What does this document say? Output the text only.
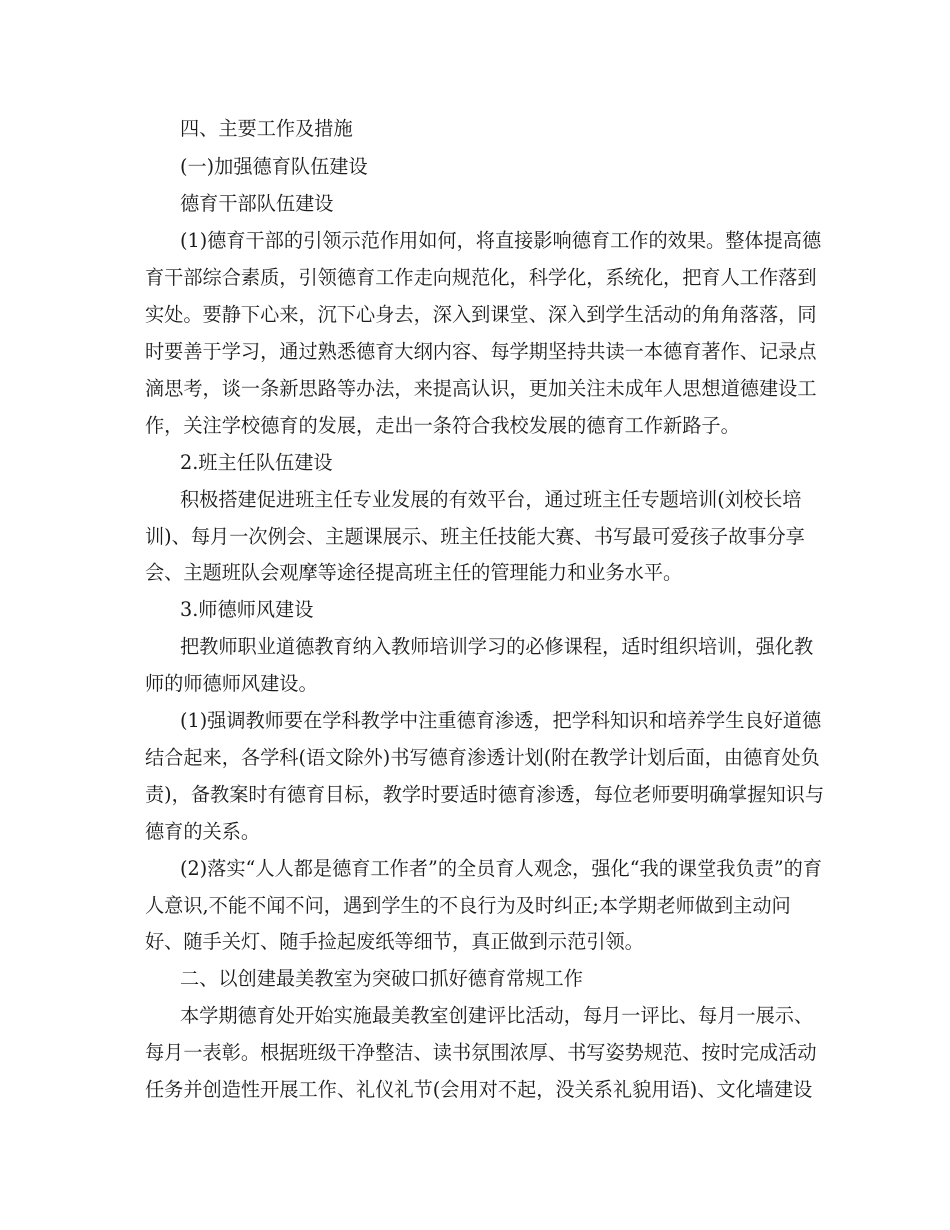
四、主要工作及措施
(一)加强德育队伍建设
德育干部队伍建设
(1)德育干部的引领示范作用如何，将直接影响德育工作的效果。整体提高德
育干部综合素质，引领德育工作走向规范化，科学化，系统化，把育人工作落到
实处。要静下心来，沉下心身去，深入到课堂、深入到学生活动的角角落落，同
时要善于学习，通过熟悉德育大纲内容、每学期坚持共读一本德育著作、记录点
滴思考，谈一条新思路等办法，来提高认识，更加关注未成年人思想道德建设工
作，关注学校德育的发展，走出一条符合我校发展的德育工作新路子。
2.班主任队伍建设
积极搭建促进班主任专业发展的有效平台，通过班主任专题培训(刘校长培
训)、每月一次例会、主题课展示、班主任技能大赛、书写最可爱孩子故事分享
会、主题班队会观摩等途径提高班主任的管理能力和业务水平。
3.师德师风建设
把教师职业道德教育纳入教师培训学习的必修课程，适时组织培训，强化教
师的师德师风建设。
(1)强调教师要在学科教学中注重德育渗透，把学科知识和培养学生良好道德
结合起来，各学科(语文除外)书写德育渗透计划(附在教学计划后面，由德育处负
责)，备教案时有德育目标，教学时要适时德育渗透，每位老师要明确掌握知识与
德育的关系。
(2)落实“人人都是德育工作者”的全员育人观念，强化“我的课堂我负责”的育
人意识,不能不闻不问，遇到学生的不良行为及时纠正;本学期老师做到主动问
好、随手关灯、随手捡起废纸等细节，真正做到示范引领。
二、以创建最美教室为突破口抓好德育常规工作
本学期德育处开始实施最美教室创建评比活动，每月一评比、每月一展示、
每月一表彰。根据班级干净整洁、读书氛围浓厚、书写姿势规范、按时完成活动
任务并创造性开展工作、礼仪礼节(会用对不起，没关系礼貌用语)、文化墙建设
